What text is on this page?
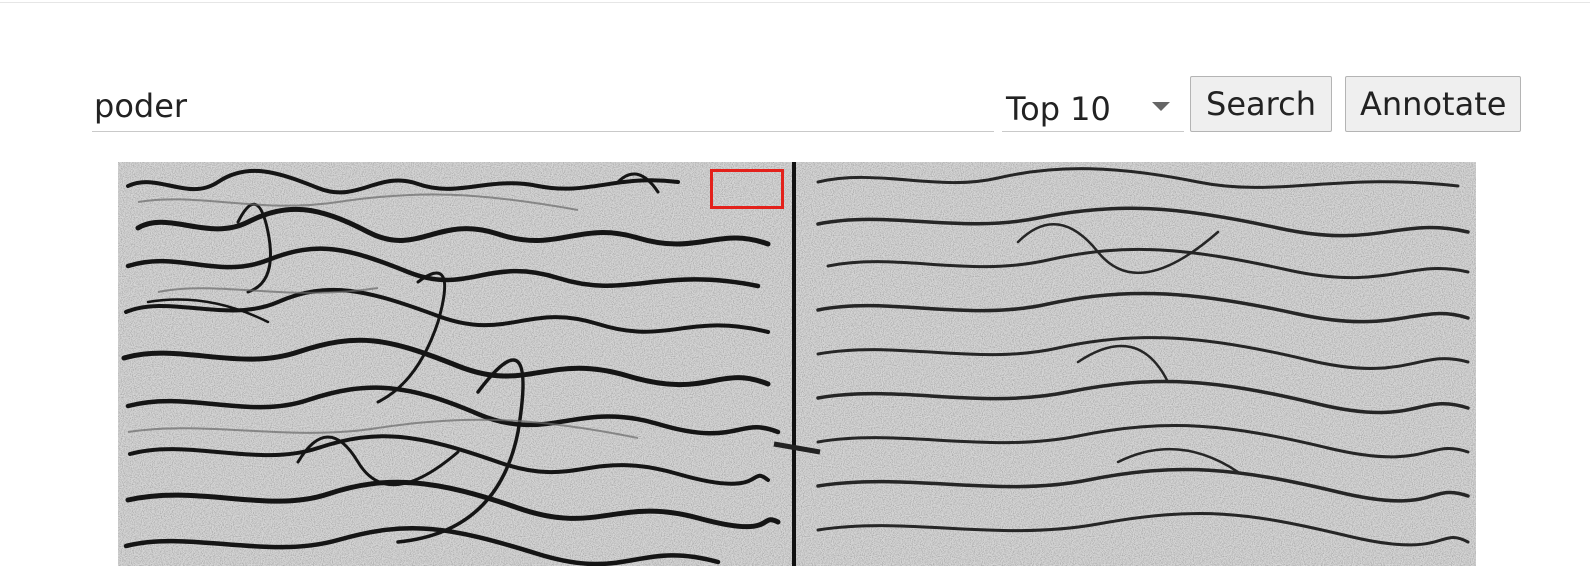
poder
Top 10	Search	Annotate
